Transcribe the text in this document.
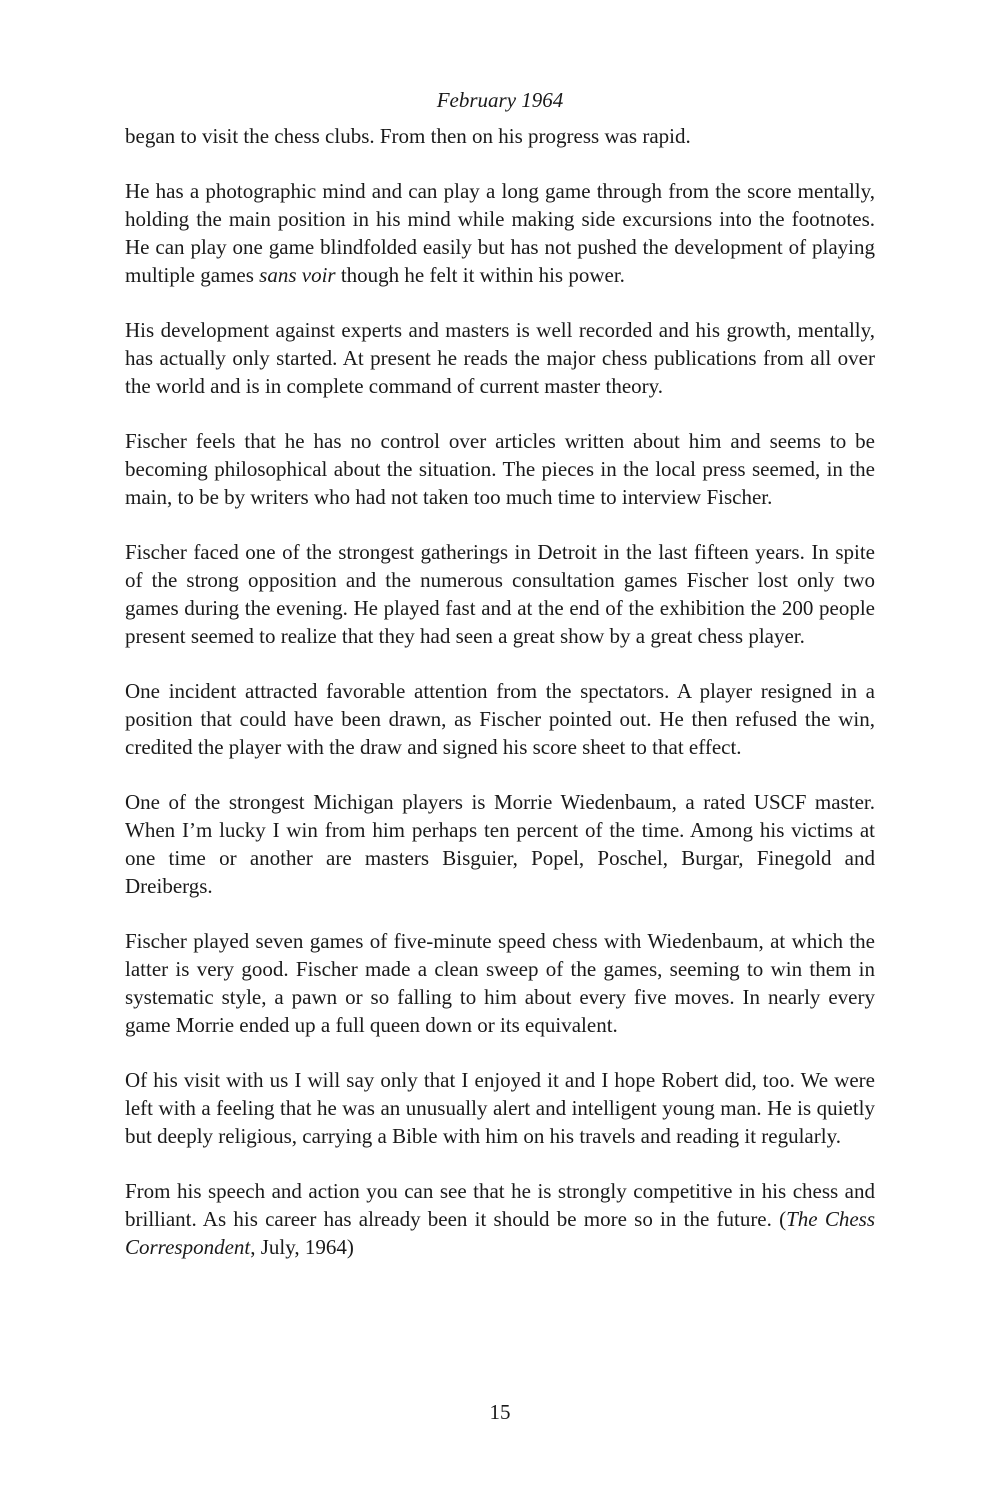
February 1964

began to visit the chess clubs. From then on his progress was rapid.

He has a photographic mind and can play a long game through from the score mentally, holding the main position in his mind while making side excursions into the footnotes. He can play one game blindfolded easily but has not pushed the development of playing multiple games sans voir though he felt it within his power.

His development against experts and masters is well recorded and his growth, mentally, has actually only started. At present he reads the major chess publications from all over the world and is in complete command of current master theory.

Fischer feels that he has no control over articles written about him and seems to be becoming philosophical about the situation. The pieces in the local press seemed, in the main, to be by writers who had not taken too much time to interview Fischer.

Fischer faced one of the strongest gatherings in Detroit in the last fifteen years. In spite of the strong opposition and the numerous consultation games Fischer lost only two games during the evening. He played fast and at the end of the exhibition the 200 people present seemed to realize that they had seen a great show by a great chess player.

One incident attracted favorable attention from the spectators. A player resigned in a position that could have been drawn, as Fischer pointed out. He then refused the win, credited the player with the draw and signed his score sheet to that effect.

One of the strongest Michigan players is Morrie Wiedenbaum, a rated USCF master. When I’m lucky I win from him perhaps ten percent of the time. Among his victims at one time or another are masters Bisguier, Popel, Poschel, Burgar, Finegold and Dreibergs.

Fischer played seven games of five-minute speed chess with Wiedenbaum, at which the latter is very good. Fischer made a clean sweep of the games, seeming to win them in systematic style, a pawn or so falling to him about every five moves. In nearly every game Morrie ended up a full queen down or its equivalent.

Of his visit with us I will say only that I enjoyed it and I hope Robert did, too. We were left with a feeling that he was an unusually alert and intelligent young man. He is quietly but deeply religious, carrying a Bible with him on his travels and reading it regularly.

From his speech and action you can see that he is strongly competitive in his chess and brilliant. As his career has already been it should be more so in the future. (The Chess Correspondent, July, 1964)

15
